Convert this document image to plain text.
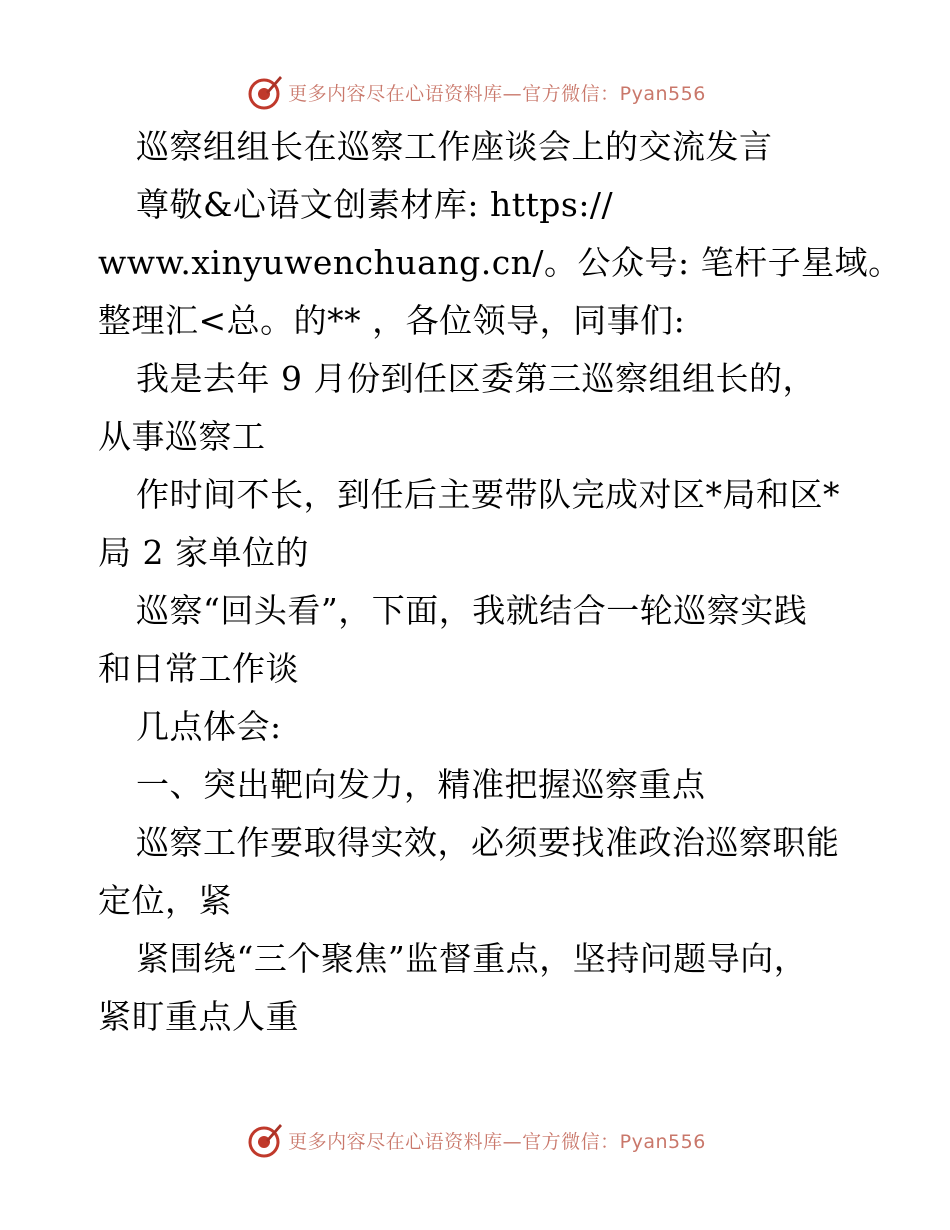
更多内容尽在心语资料库—官方微信：Pyan556
巡察组组长在巡察工作座谈会上的交流发言
尊敬&心语文创素材库: https://
www.xinyuwenchuang.cn/。公众号: 笔杆子星域。
整理汇<总。的** ，各位领导，同事们:
我是去年 9 月份到任区委第三巡察组组长的，
从事巡察工
作时间不长，到任后主要带队完成对区*局和区*
局 2 家单位的
巡察“回头看”，下面，我就结合一轮巡察实践
和日常工作谈
几点体会:
一、突出靶向发力，精准把握巡察重点
巡察工作要取得实效，必须要找准政治巡察职能
定位，紧
紧围绕“三个聚焦”监督重点，坚持问题导向，
紧盯重点人重
更多内容尽在心语资料库—官方微信：Pyan556
